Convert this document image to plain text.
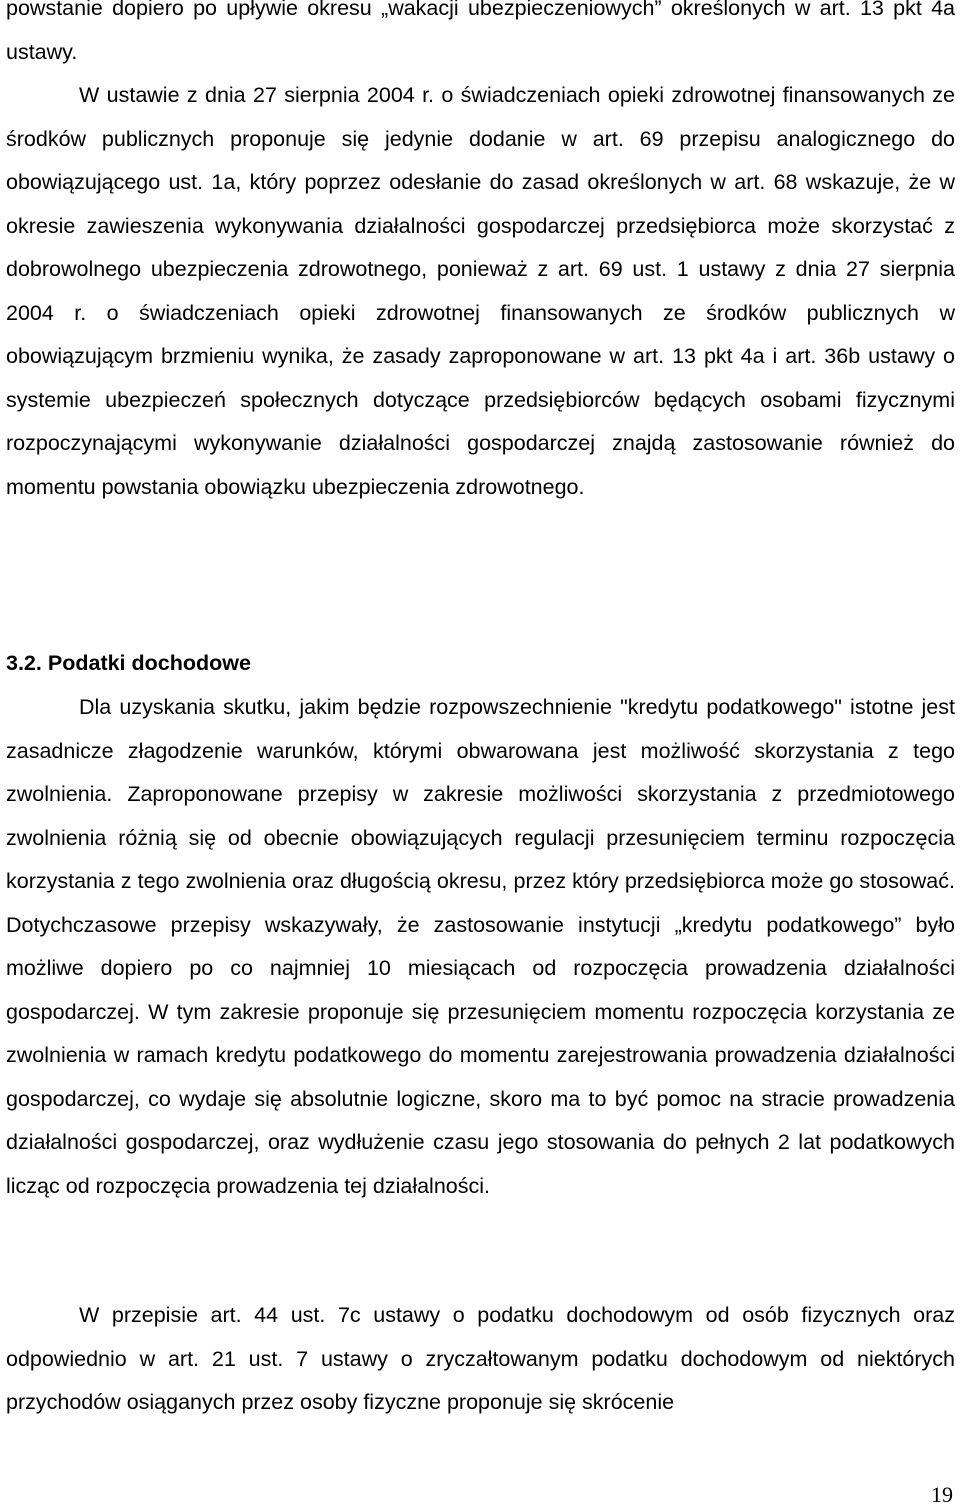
powstanie dopiero po upływie okresu „wakacji ubezpieczeniowych” określonych w art. 13 pkt 4a ustawy.

W ustawie z dnia 27 sierpnia 2004 r. o świadczeniach opieki zdrowotnej finansowanych ze środków publicznych proponuje się jedynie dodanie w art. 69 przepisu analogicznego do obowiązującego ust. 1a, który poprzez odesłanie do zasad określonych w art. 68 wskazuje, że w okresie zawieszenia wykonywania działalności gospodarczej przedsiębiorca może skorzystać z dobrowolnego ubezpieczenia zdrowotnego, ponieważ z art. 69 ust. 1 ustawy z dnia 27 sierpnia 2004 r. o świadczeniach opieki zdrowotnej finansowanych ze środków publicznych w obowiązującym brzmieniu wynika, że zasady zaproponowane w art. 13 pkt 4a i art. 36b ustawy o systemie ubezpieczeń społecznych dotyczące przedsiębiorców będących osobami fizycznymi rozpoczynającymi wykonywanie działalności gospodarczej znajdą zastosowanie również do momentu powstania obowiązku ubezpieczenia zdrowotnego.

3.2. Podatki dochodowe

Dla uzyskania skutku, jakim będzie rozpowszechnienie "kredytu podatkowego" istotne jest zasadnicze złagodzenie warunków, którymi obwarowana jest możliwość skorzystania z tego zwolnienia. Zaproponowane przepisy w zakresie możliwości skorzystania z przedmiotowego zwolnienia różnią się od obecnie obowiązujących regulacji przesunięciem terminu rozpoczęcia korzystania z tego zwolnienia oraz długością okresu, przez który przedsiębiorca może go stosować. Dotychczasowe przepisy wskazywały, że zastosowanie instytucji „kredytu podatkowego” było możliwe dopiero po co najmniej 10 miesiącach od rozpoczęcia prowadzenia działalności gospodarczej. W tym zakresie proponuje się przesunięciem momentu rozpoczęcia korzystania ze zwolnienia w ramach kredytu podatkowego do momentu zarejestrowania prowadzenia działalności gospodarczej, co wydaje się absolutnie logiczne, skoro ma to być pomoc na stracie prowadzenia działalności gospodarczej, oraz wydłużenie czasu jego stosowania do pełnych 2 lat podatkowych licząc od rozpoczęcia prowadzenia tej działalności.

W przepisie art. 44 ust. 7c ustawy o podatku dochodowym od osób fizycznych oraz odpowiednio w art. 21 ust. 7 ustawy o zryczałtowanym podatku dochodowym od niektórych przychodów osiąganych przez osoby fizyczne proponuje się skrócenie

19
